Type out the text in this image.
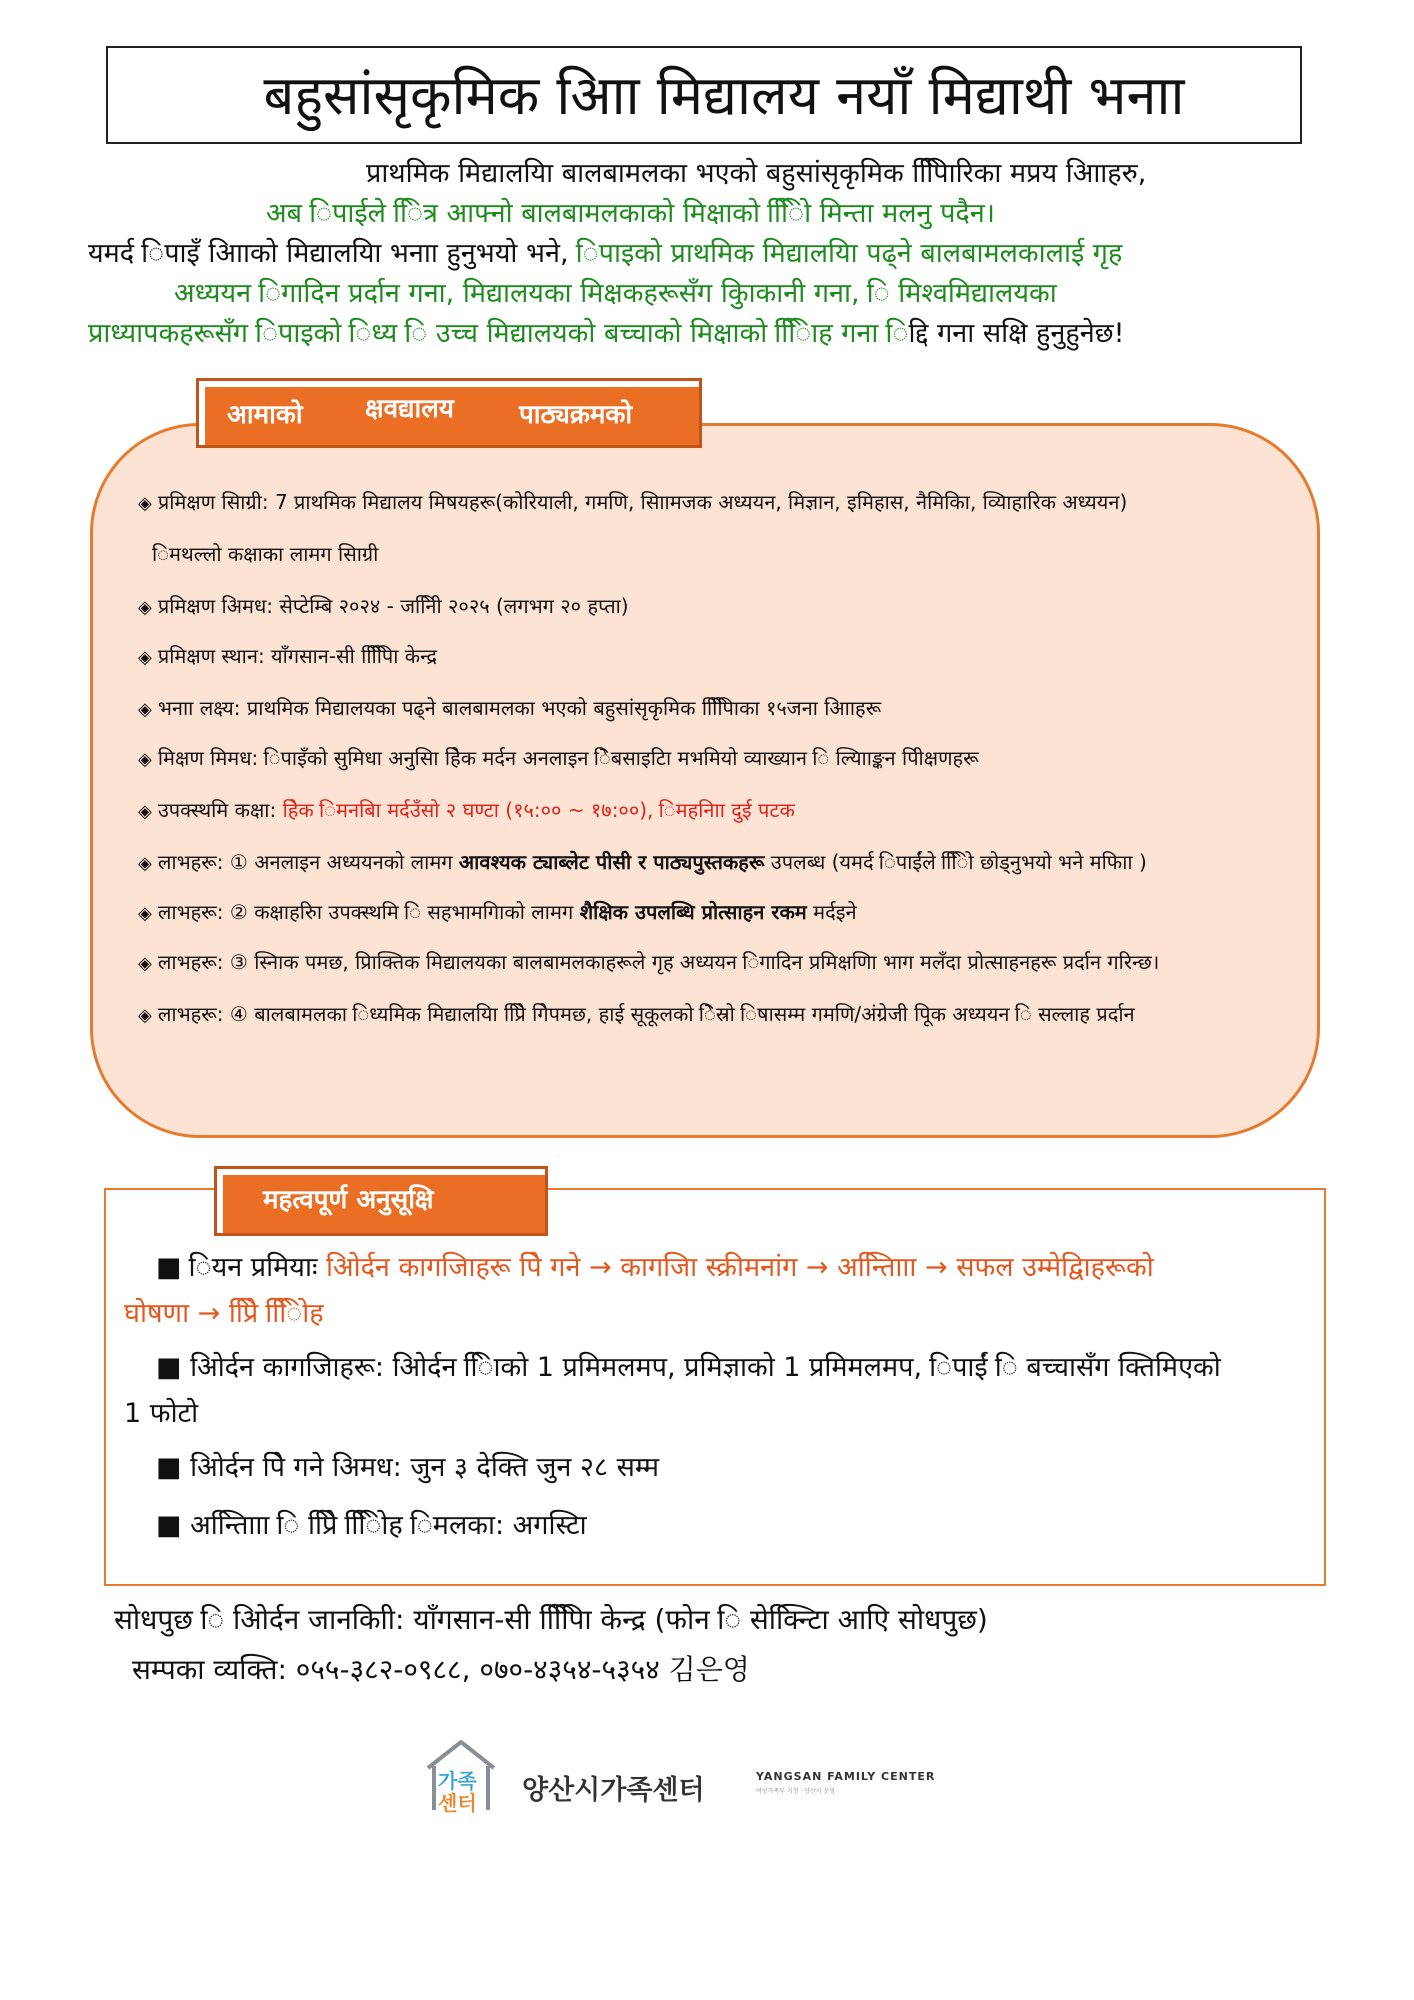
बहुसांसृकृमिक आिा मिद्यालय नयाँ मिद्याथी भनाा
प्राथमिक मिद्यालयिा बालबामलका भएको बहुसांसृकृमिक पिििारिका मप्रय आिाहरु,
अब िपाईले िित्र आफ्नो बालबामलकाको मिक्षाको िििो मिन्ता मलनु पदैन।
यमर्द िपाइँ आिाको मिद्यालयिा भनाा हुनुभयो भने, िपाइको प्राथमिक मिद्यालयिा पढ्ने बालबामलकालाई गृह
अध्ययन िगादिन प्रर्दान गना, मिद्यालयका मिक्षकहरूसँग कुिाकानी गना, ि मिश्वमिद्यालयका
प्राध्यापकहरूसँग िपाइको िध्य ि उच्च मिद्यालयको बच्चाको मिक्षाको िििाह गना िद्दि गना सक्षि हुनुहुनेछ!
आमाको क्षवद्यालय	पाठ्यक्रमको
◈ प्रमिक्षण सािग्री: 7 प्राथमिक मिद्यालय मिषयहरू(कोरियाली, गमणि, सािामजक अध्ययन, मिज्ञान, इमिहास, नैमिकिा, व्यािहारिक अध्ययन)
िमथल्लो कक्षाका लामग सािग्री
◈ प्रमिक्षण अिमध: सेप्टेम्बि २०२४ - जनििी २०२५ (लगभग २० हप्ता)
◈ प्रमिक्षण स्थान: याँगसान-सी पिििाि केन्द्र
◈ भनाा लक्ष्य: प्राथमिक मिद्यालयका पढ्ने बालबामलका भएको बहुसांसृकृमिक पिििािका १५जना आिाहरू
◈ मिक्षण मिमध: िपाइँको सुमिधा अनुसाि हेिक मर्दन अनलाइन िेबसाइटिा मभमियो व्याख्यान ि ल्यािाङ्कन पिीक्षणहरू
◈ उपक्स्थमि कक्षा: हेिक िमनबाि मर्दउँसो २ घण्टा (१५:०० ~ १७:००), िमहनािा दुई पटक
◈ लाभहरू: ① अनलाइन अध्ययनको लामग आवश्यक ट्याब्लेट पीसी र पाठ्यपुस्तकहरू उपलब्ध (यमर्द िपाईंले िििो छोड्नुभयो भने मफिाा )
◈ लाभहरू: ② कक्षाहरुिा उपक्स्थमि ि सहभामगिाको लामग शैक्षिक उपलब्धि प्रोत्साहन रकम मर्दइने
◈ लाभहरू: ③ स्नािक पमछ, प्रािक्तिक मिद्यालयका बालबामलकाहरूले गृह अध्ययन िगादिन प्रमिक्षणिा भाग मलँदा प्रोत्साहनहरू प्रर्दान गरिन्छ।
◈ लाभहरू: ④ बालबामलका िध्यमिक मिद्यालयिा प्रिेि गिेपमछ, हाई सूकूलको िेस्रो िषासम्म गमणि/अंग्रेजी पूिक अध्ययन ि सल्लाह प्रर्दान
महत्वपूर्ण अनुसूक्षि
■ ियन प्रमियाः आिेर्दन कागजािहरू पेि गने → कागजाि स्क्रीमनांग → अन्तिािाा → सफल उम्मेद्वािहरूको
घोषणा → प्रिेि िििोह
■ आिेर्दन कागजािहरू: आिेर्दन ििाको 1 प्रमिमलमप, प्रमिज्ञाको 1 प्रमिमलमप, िपाईं ि बच्चासँग क्तिमिएको
1 फोटो
■ आिेर्दन पेि गने अिमध: जुन ३ देक्ति जुन २८ सम्म
■ अन्तिािाा ि प्रिेि िििोह िमलका: अगस्टिा
सोधपुछ ि आिेर्दन जानकािी: याँगसान-सी पिििाि केन्द्र (फोन ि सेक्न्टििा आएि सोधपुछ)
सम्पका व्यक्ति: ०५५-३८२-०९८८, ०७०-४३५४-५३५४ 김은영
가족
센터 양산시가족센터	YANGSAN FAMILY CENTER
여성가족부 지정 · 양산시 운영
